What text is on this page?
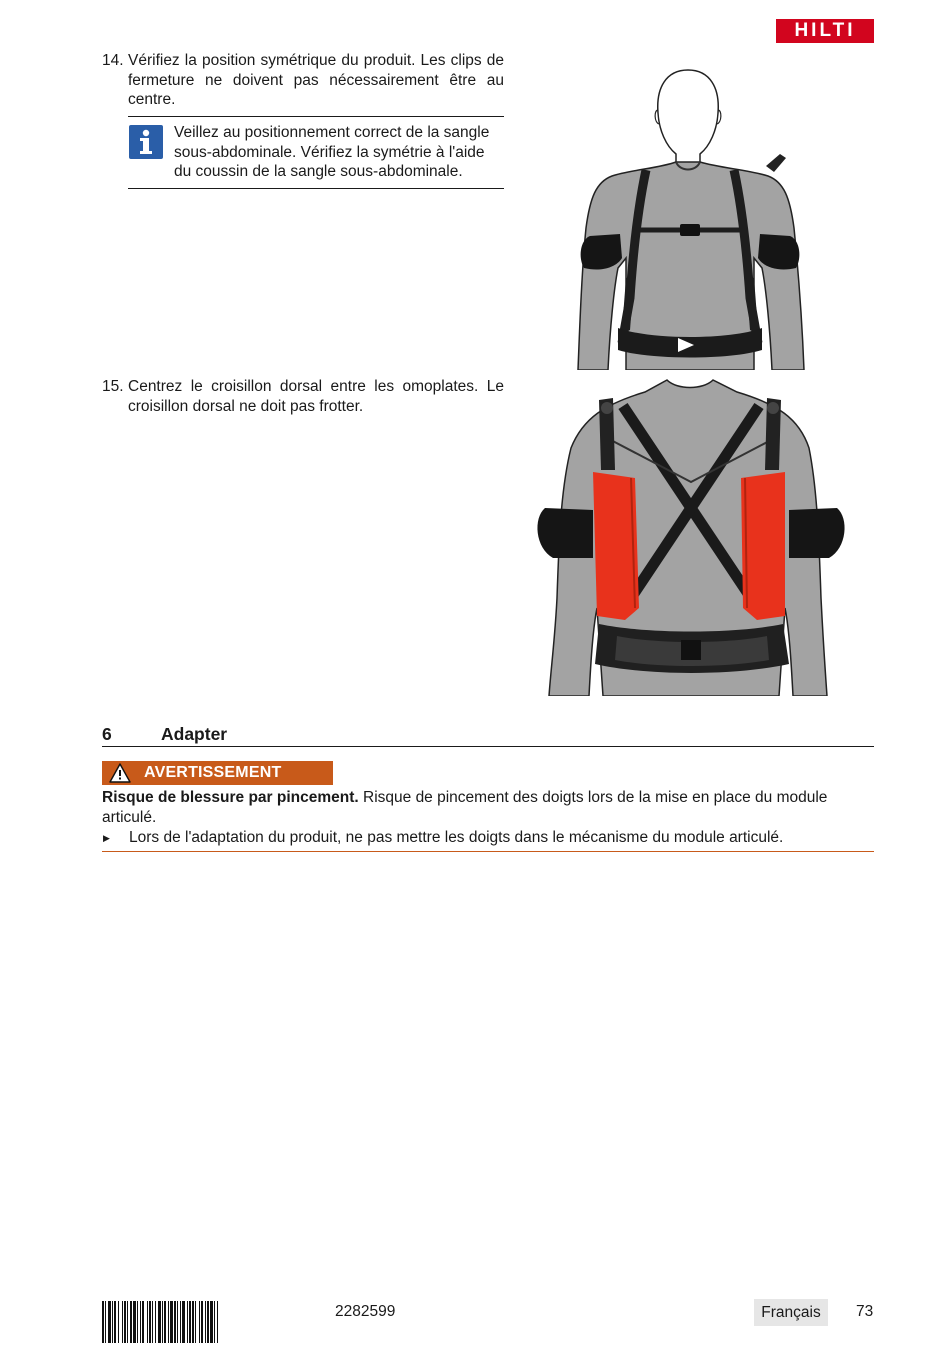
HILTI
14. Vérifiez la position symétrique du produit. Les clips de fermeture ne doivent pas nécessairement être au centre.
Veillez au positionnement correct de la sangle sous-abdominale. Vérifiez la symétrie à l'aide du coussin de la sangle sous-abdominale.
15. Centrez le croisillon dorsal entre les omoplates. Le croisillon dorsal ne doit pas frotter.
6	Adapter
AVERTISSEMENT
Risque de blessure par pincement. Risque de pincement des doigts lors de la mise en place du module articulé.
▶ Lors de l'adaptation du produit, ne pas mettre les doigts dans le mécanisme du module articulé.
2282599	Français	73
